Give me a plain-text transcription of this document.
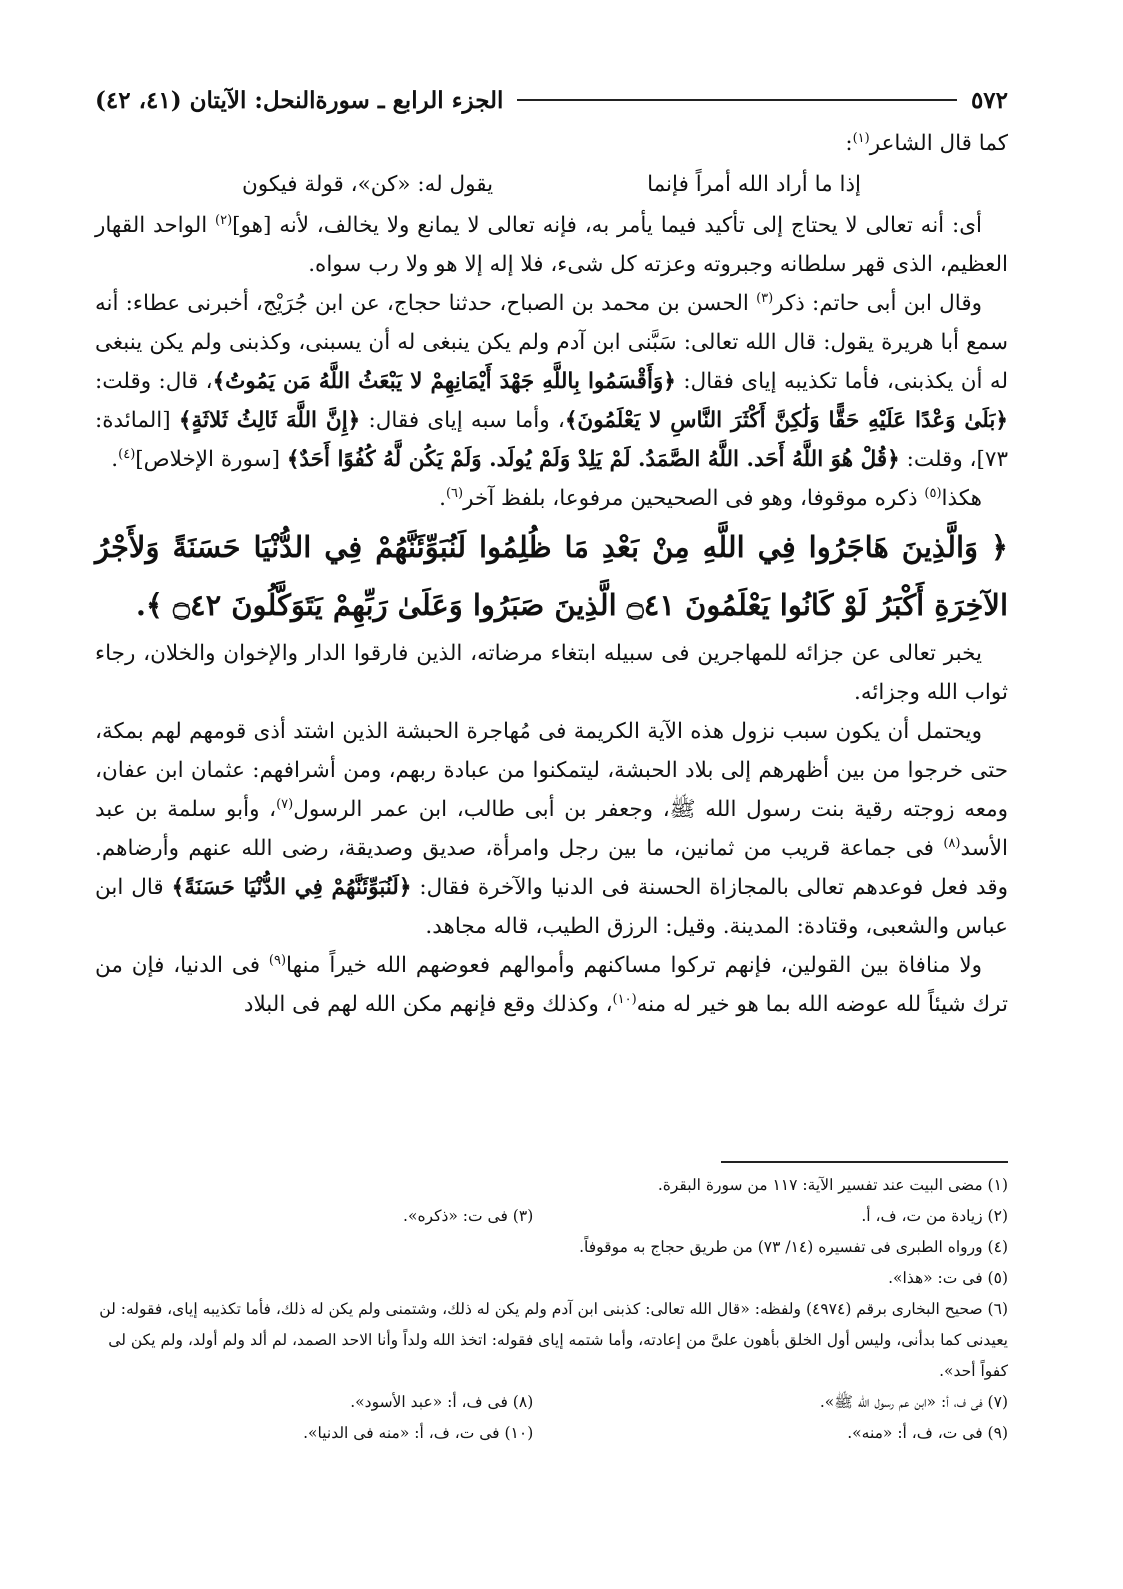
٥٧٢
الجزء الرابع ـ سورةالنحل: الآيتان (٤١، ٤٢)

كما قال الشاعر$^{(١)}$:

إذا ما أراد الله أمراً فإنما
يقول له: «كن»، قولة فيكون

أى: أنه تعالى لا يحتاج إلى تأكيد فيما يأمر به، فإنه تعالى لا يمانع ولا يخالف، لأنه [هو]$^{(٢)}$ الواحد القهار العظيم، الذى قهر سلطانه وجبروته وعزته كل شىء، فلا إله إلا هو ولا رب سواه.

وقال ابن أبى حاتم: ذكر$^{(٣)}$ الحسن بن محمد بن الصباح، حدثنا حجاج، عن ابن جُرَيْج، أخبرنى عطاء: أنه سمع أبا هريرة يقول: قال الله تعالى: سَبَّنى ابن آدم ولم يكن ينبغى له أن يسبنى، وكذبنى ولم يكن ينبغى له أن يكذبنى، فأما تكذيبه إياى فقال: ﴿وَأَقْسَمُوا بِاللَّهِ جَهْدَ أَيْمَانِهِمْ لا يَبْعَثُ اللَّهُ مَن يَمُوتُ﴾، قال: وقلت: ﴿بَلَىٰ وَعْدًا عَلَيْهِ حَقًّا وَلَٰكِنَّ أَكْثَرَ النَّاسِ لا يَعْلَمُونَ﴾، وأما سبه إياى فقال: ﴿إِنَّ اللَّهَ ثَالِثُ ثَلاثَةٍ﴾ [المائدة: ٧٣]، وقلت: ﴿قُلْ هُوَ اللَّهُ أَحَد. اللَّهُ الصَّمَدُ. لَمْ يَلِدْ وَلَمْ يُولَد. وَلَمْ يَكُن لَّهُ كُفُوًا أَحَدٌ﴾ [سورة الإخلاص]$^{(٤)}$.

هكذا$^{(٥)}$ ذكره موقوفا، وهو فى الصحيحين مرفوعا، بلفظ آخر$^{(٦)}$.

﴿ وَالَّذِينَ هَاجَرُوا فِي اللَّهِ مِنْ بَعْدِ مَا ظُلِمُوا لَنُبَوِّئَنَّهُمْ فِي الدُّنْيَا حَسَنَةً وَلأَجْرُ الآخِرَةِ أَكْبَرُ لَوْ كَانُوا يَعْلَمُونَ ۝٤١ الَّذِينَ صَبَرُوا وَعَلَىٰ رَبِّهِمْ يَتَوَكَّلُونَ ۝٤٢ ﴾.

يخبر تعالى عن جزائه للمهاجرين فى سبيله ابتغاء مرضاته، الذين فارقوا الدار والإخوان والخلان، رجاء ثواب الله وجزائه.

ويحتمل أن يكون سبب نزول هذه الآية الكريمة فى مُهاجرة الحبشة الذين اشتد أذى قومهم لهم بمكة، حتى خرجوا من بين أظهرهم إلى بلاد الحبشة، ليتمكنوا من عبادة ربهم، ومن أشرافهم: عثمان ابن عفان، ومعه زوجته رقية بنت رسول الله ﷺ، وجعفر بن أبى طالب، ابن عمر الرسول$^{(٧)}$، وأبو سلمة بن عبد الأسد$^{(٨)}$ فى جماعة قريب من ثمانين، ما بين رجل وامرأة، صديق وصديقة، رضى الله عنهم وأرضاهم. وقد فعل فوعدهم تعالى بالمجازاة الحسنة فى الدنيا والآخرة فقال: ﴿لَنُبَوِّئَنَّهُمْ فِي الدُّنْيَا حَسَنَةً﴾ قال ابن عباس والشعبى، وقتادة: المدينة. وقيل: الرزق الطيب، قاله مجاهد.

ولا منافاة بين القولين، فإنهم تركوا مساكنهم وأموالهم فعوضهم الله خيراً منها$^{(٩)}$ فى الدنيا، فإن من ترك شيئاً لله عوضه الله بما هو خير له منه$^{(١٠)}$، وكذلك وقع فإنهم مكن الله لهم فى البلاد

(١) مضى البيت عند تفسير الآية: ١١٧ من سورة البقرة.
(٢) زيادة من ت، ف، أ.
(٣) فى ت: «ذكره».
(٤) ورواه الطبرى فى تفسيره (١٤/ ٧٣) من طريق حجاج به موقوفاً.
(٥) فى ت: «هذا».
(٦) صحيح البخارى برقم (٤٩٧٤) ولفظه: «قال الله تعالى: كذبنى ابن آدم ولم يكن له ذلك، وشتمنى ولم يكن له ذلك، فأما تكذيبه إياى، فقوله: لن يعيدنى كما بدأنى، وليس أول الخلق بأهون علىَّ من إعادته، وأما شتمه إياى فقوله: اتخذ الله ولداً وأنا الاحد الصمد، لم ألد ولم أولد، ولم يكن لى كفواً أحد».
(٧) فى ف، أ: «ابن عم رسول الله ﷺ».
(٨) فى ف، أ: «عبد الأسود».
(٩) فى ت، ف، أ: «منه».
(١٠) فى ت، ف، أ: «منه فى الدنيا».
